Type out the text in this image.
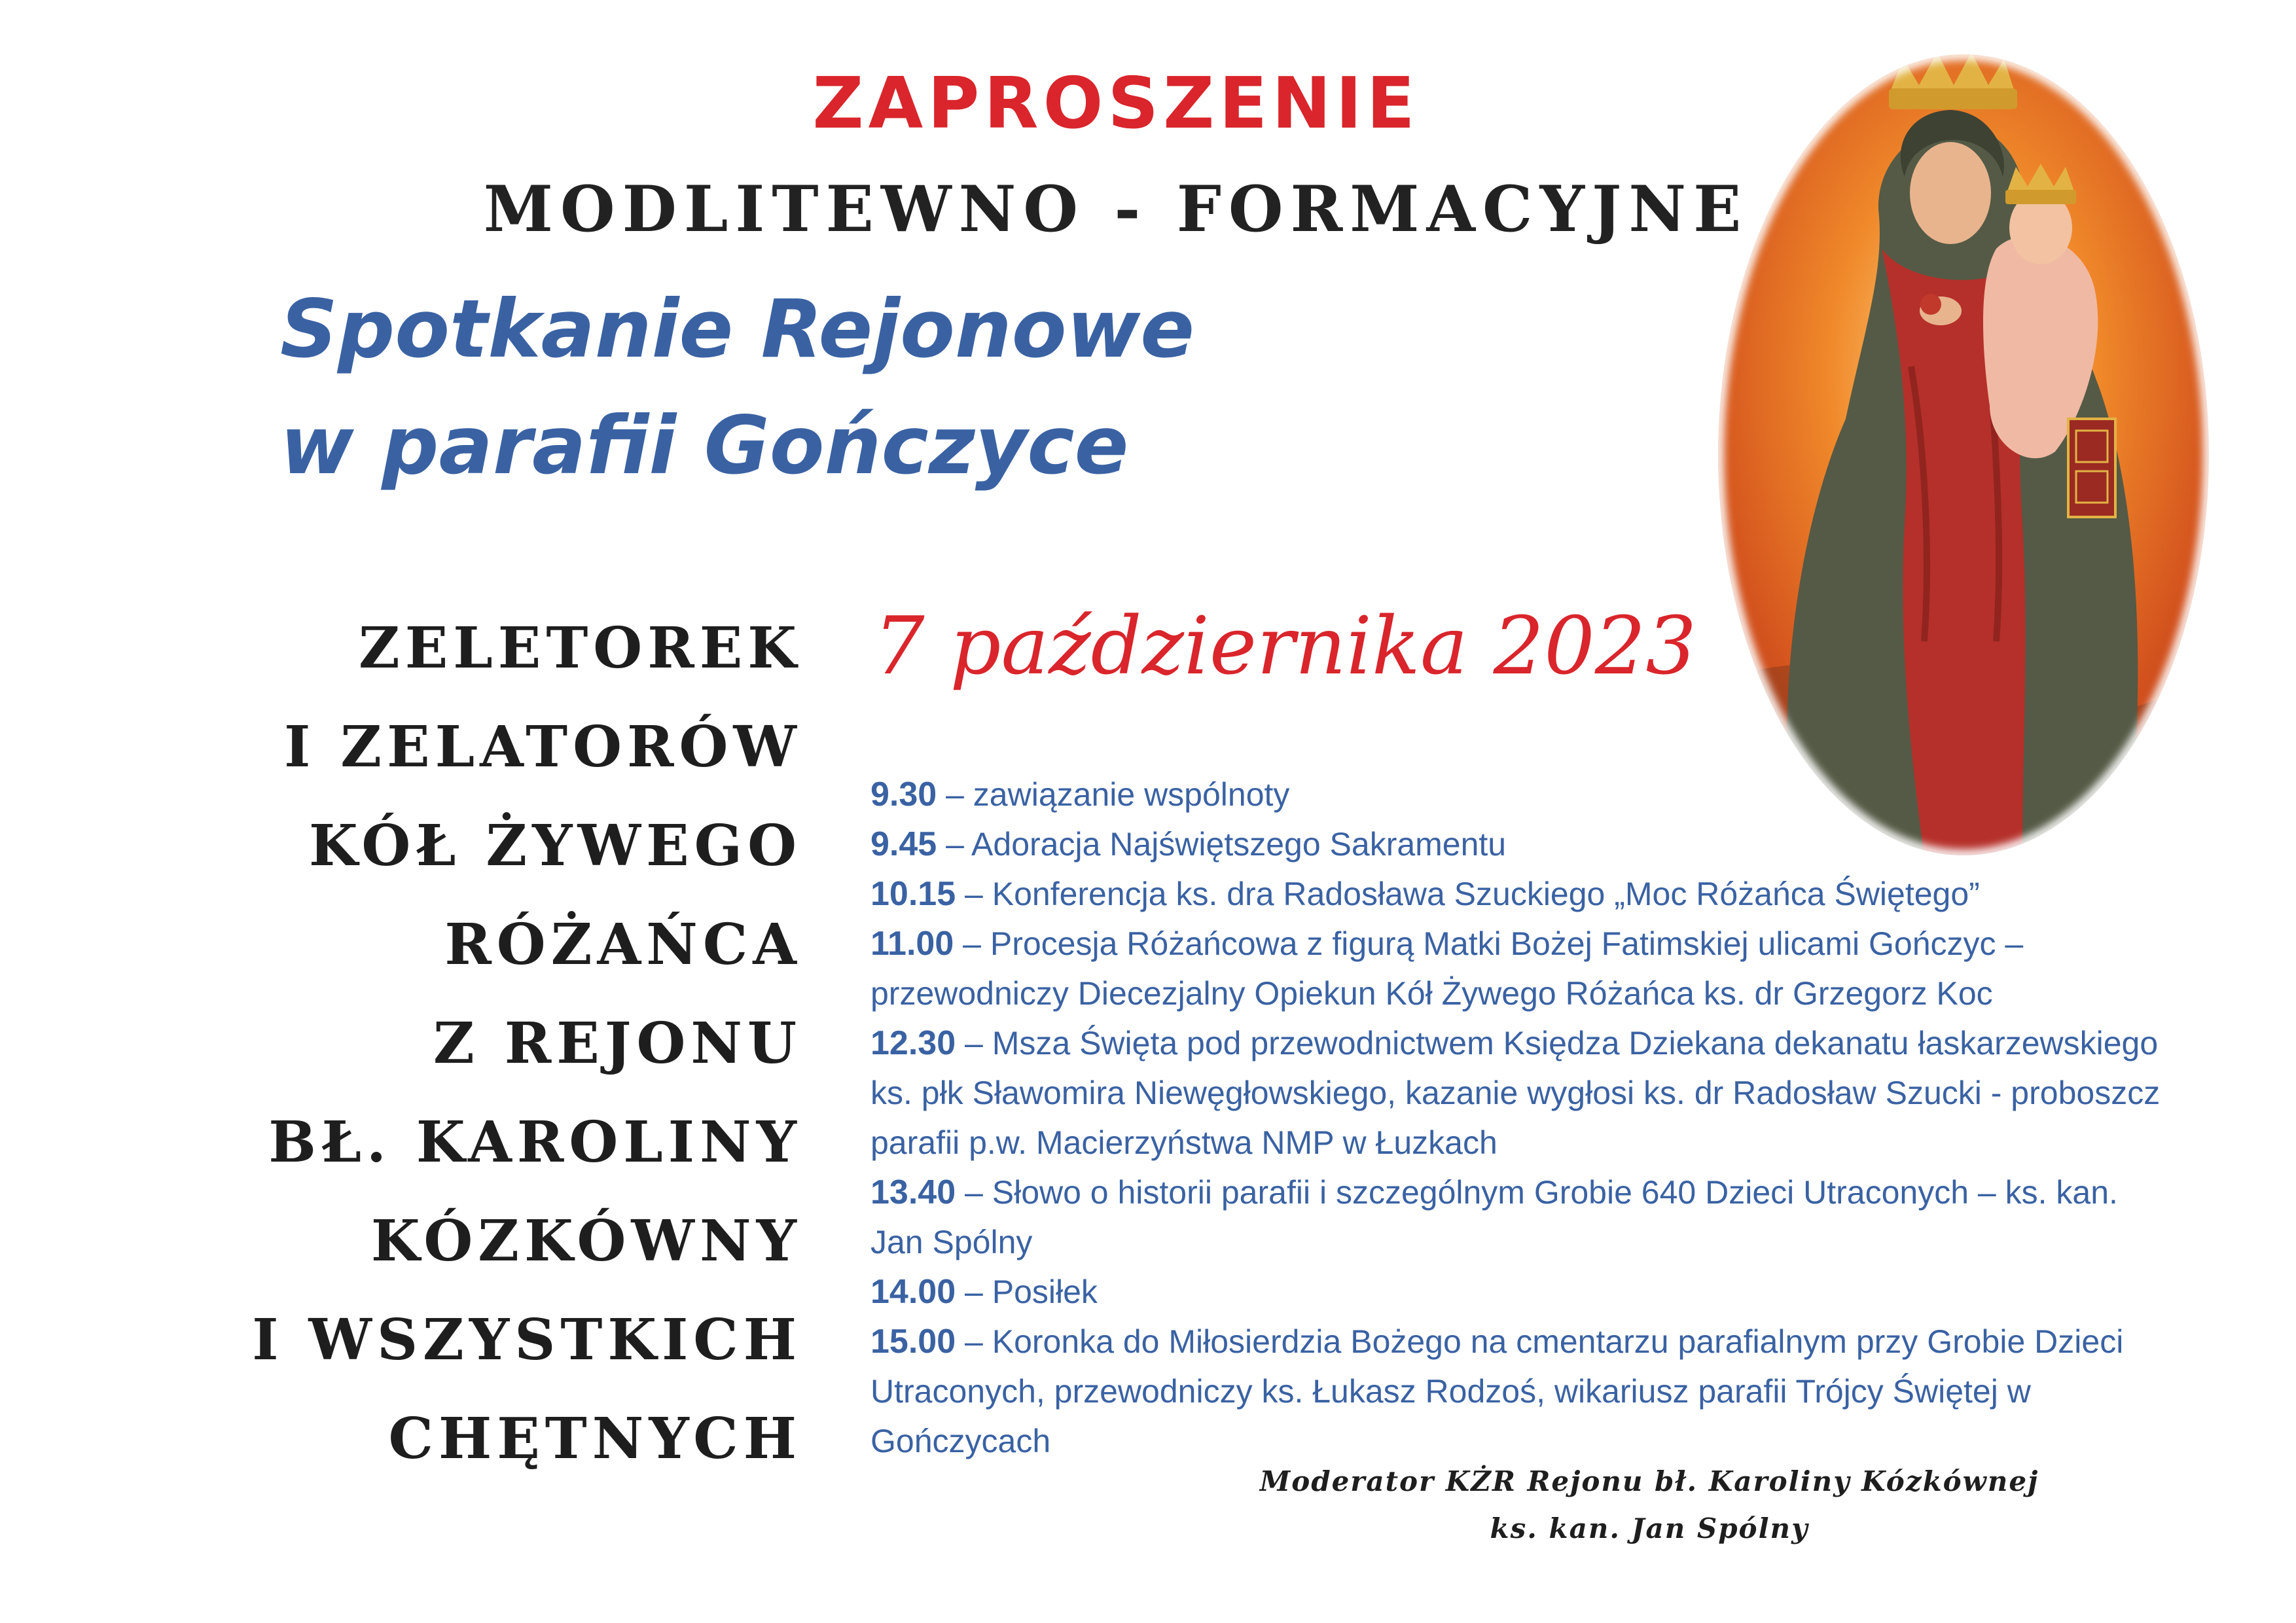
ZAPROSZENIE
MODLITEWNO - FORMACYJNE
Spotkanie Rejonowe
w parafii Gończyce
ZELETOREK
I ZELATORÓW
KÓŁ ŻYWEGO
RÓŻAŃCA
Z REJONU
BŁ. KAROLINY
KÓZKÓWNY
I WSZYSTKICH
CHĘTNYCH
7 października 2023

9.30 – zawiązanie wspólnoty

9.45 – Adoracja Najświętszego Sakramentu

10.15 – Konferencja ks. dra Radosława Szuckiego „Moc Różańca Świętego”

11.00 – Procesja Różańcowa z figurą Matki Bożej Fatimskiej ulicami Gończyc – przewodniczy Diecezjalny Opiekun Kół Żywego Różańca ks. dr Grzegorz Koc

12.30 – Msza Święta pod przewodnictwem Księdza Dziekana dekanatu łaskarzewskiego ks. płk Sławomira Niewęgłowskiego, kazanie wygłosi ks. dr Radosław Szucki - proboszcz parafii p.w. Macierzyństwa NMP w Łuzkach

13.40 – Słowo o historii parafii i szczególnym Grobie 640 Dzieci Utraconych – ks. kan. Jan Spólny

14.00 – Posiłek

15.00 – Koronka do Miłosierdzia Bożego na cmentarzu parafialnym przy Grobie Dzieci Utraconych, przewodniczy ks. Łukasz Rodzoś, wikariusz parafii Trójcy Świętej w Gończycach

Moderator KŻR Rejonu bł. Karoliny Kózkównej
ks. kan. Jan Spólny
